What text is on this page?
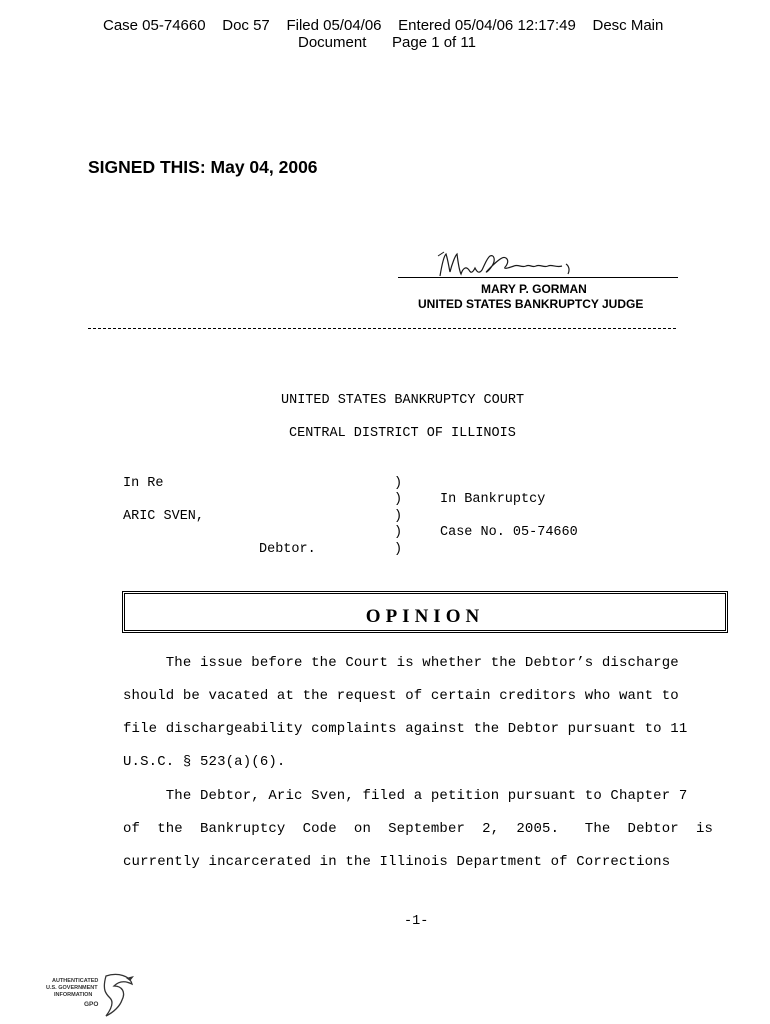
Case 05-74660    Doc 57    Filed 05/04/06    Entered 05/04/06 12:17:49    Desc Main
Document Page 1 of 11
SIGNED THIS: May 04, 2006
MARY P. GORMAN
UNITED STATES BANKRUPTCY JUDGE
UNITED STATES BANKRUPTCY COURT
CENTRAL DISTRICT OF ILLINOIS
In Re
ARIC SVEN,
Debtor.
)
)
)
)
)
In Bankruptcy
Case No. 05-74660
OPINION
The issue before the Court is whether the Debtor’s discharge
should be vacated at the request of certain creditors who want to
file dischargeability complaints against the Debtor pursuant to 11
U.S.C. § 523(a)(6).
The Debtor, Aric Sven, filed a petition pursuant to Chapter 7
of  the  Bankruptcy  Code  on  September  2,  2005.   The  Debtor  is
currently incarcerated in the Illinois Department of Corrections
-1-
AUTHENTICATED
U.S. GOVERNMENT
INFORMATION
GPO
